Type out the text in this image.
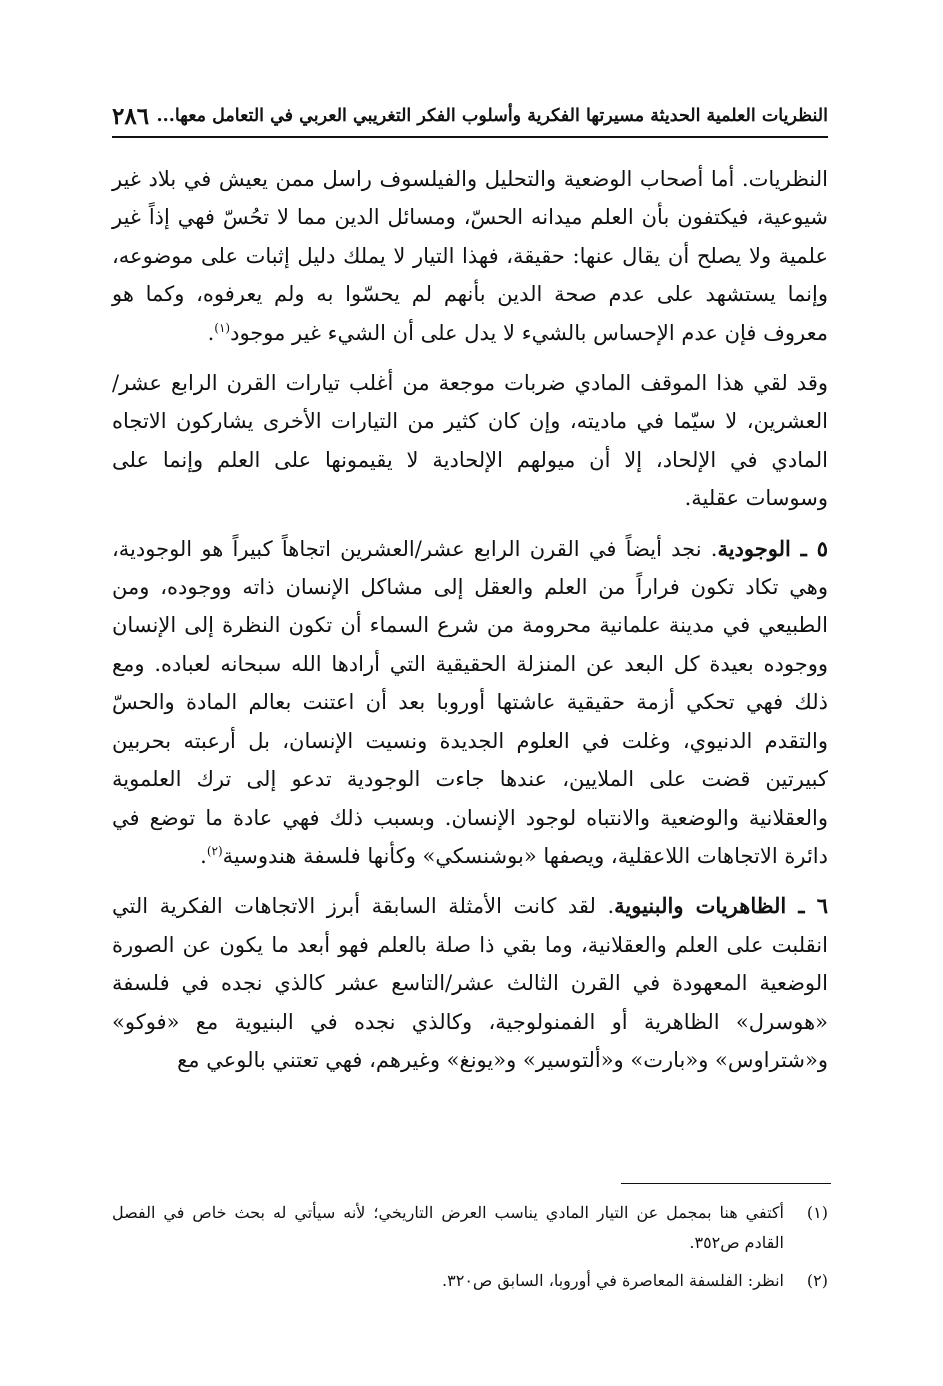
النظريات العلمية الحديثة مسيرتها الفكرية وأسلوب الفكر التغريبي العربي في التعامل معها...
٢٨٦

النظريات. أما أصحاب الوضعية والتحليل والفيلسوف راسل ممن يعيش في بلاد غير شيوعية، فيكتفون بأن العلم ميدانه الحسّ، ومسائل الدين مما لا تحُسّ فهي إذاً غير علمية ولا يصلح أن يقال عنها: حقيقة، فهذا التيار لا يملك دليل إثبات على موضوعه، وإنما يستشهد على عدم صحة الدين بأنهم لم يحسّوا به ولم يعرفوه، وكما هو معروف فإن عدم الإحساس بالشيء لا يدل على أن الشيء غير موجود$^{(١)}$.

وقد لقي هذا الموقف المادي ضربات موجعة من أغلب تيارات القرن الرابع عشر/العشرين، لا سيّما في ماديته، وإن كان كثير من التيارات الأخرى يشاركون الاتجاه المادي في الإلحاد، إلا أن ميولهم الإلحادية لا يقيمونها على العلم وإنما على وسوسات عقلية.

٥ ـ الوجودية. نجد أيضاً في القرن الرابع عشر/العشرين اتجاهاً كبيراً هو الوجودية، وهي تكاد تكون فراراً من العلم والعقل إلى مشاكل الإنسان ذاته ووجوده، ومن الطبيعي في مدينة علمانية محرومة من شرع السماء أن تكون النظرة إلى الإنسان ووجوده بعيدة كل البعد عن المنزلة الحقيقية التي أرادها الله سبحانه لعباده. ومع ذلك فهي تحكي أزمة حقيقية عاشتها أوروبا بعد أن اعتنت بعالم المادة والحسّ والتقدم الدنيوي، وغلت في العلوم الجديدة ونسيت الإنسان، بل أرعبته بحربين كبيرتين قضت على الملايين، عندها جاءت الوجودية تدعو إلى ترك العلموية والعقلانية والوضعية والانتباه لوجود الإنسان. وبسبب ذلك فهي عادة ما توضع في دائرة الاتجاهات اللاعقلية، ويصفها «بوشنسكي» وكأنها فلسفة هندوسية$^{(٢)}$.

٦ ـ الظاهريات والبنيوية. لقد كانت الأمثلة السابقة أبرز الاتجاهات الفكرية التي انقلبت على العلم والعقلانية، وما بقي ذا صلة بالعلم فهو أبعد ما يكون عن الصورة الوضعية المعهودة في القرن الثالث عشر/التاسع عشر كالذي نجده في فلسفة «هوسرل» الظاهرية أو الفمنولوجية، وكالذي نجده في البنيوية مع «فوكو» و«شتراوس» و«بارت» و«ألتوسير» و«يونغ» وغيرهم، فهي تعتني بالوعي مع

(١)
أكتفي هنا بمجمل عن التيار المادي يناسب العرض التاريخي؛ لأنه سيأتي له بحث خاص في الفصل القادم ص٣٥٢.
(٢)
انظر: الفلسفة المعاصرة في أوروبا، السابق ص٣٢٠.
